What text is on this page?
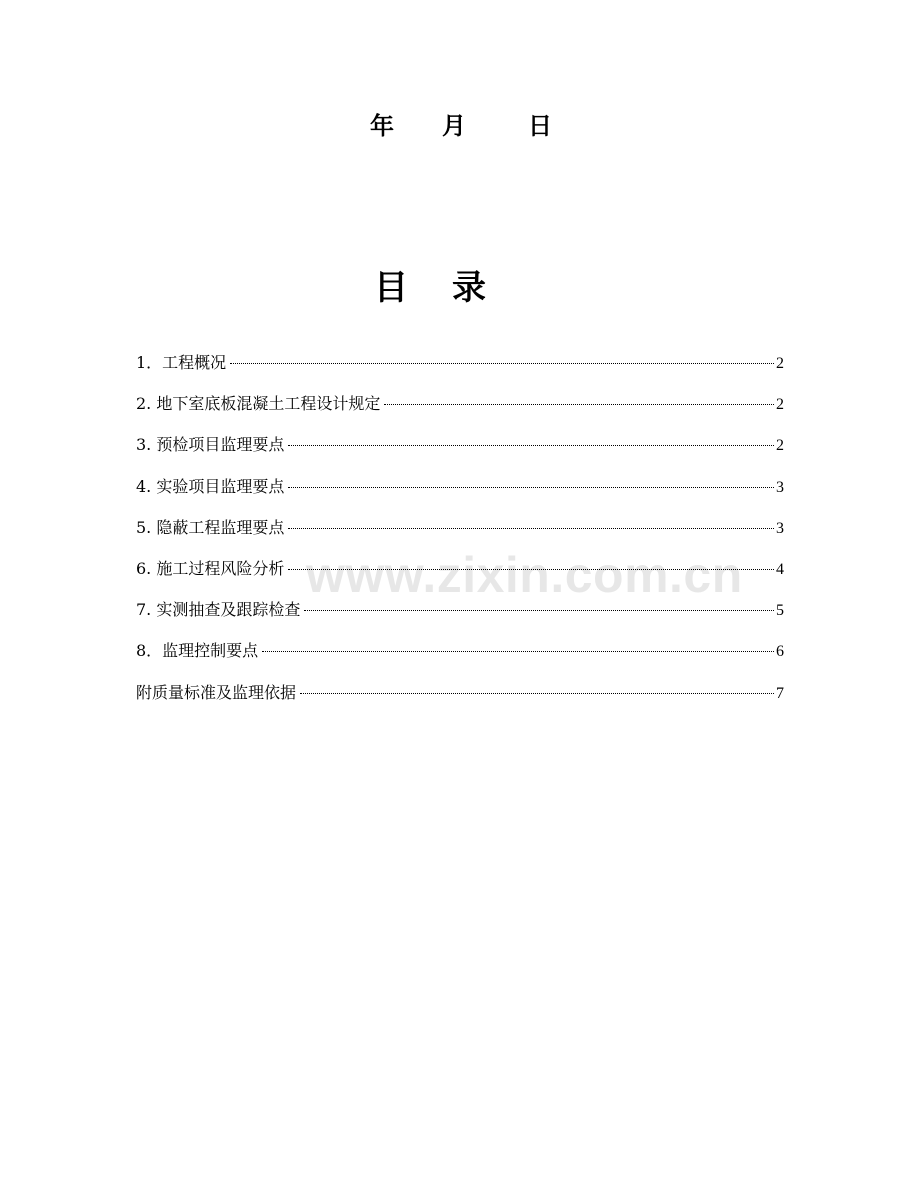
年 月	日
目 录
1．工程概况	2
2. 地下室底板混凝土工程设计规定	2
3. 预检项目监理要点	2
4. 实验项目监理要点	3
5. 隐蔽工程监理要点	3
6. 施工过程风险分析	4
7. 实测抽查及跟踪检查	5
8．监理控制要点	6
附质量标准及监理依据	7
www.zixin.com.cn
